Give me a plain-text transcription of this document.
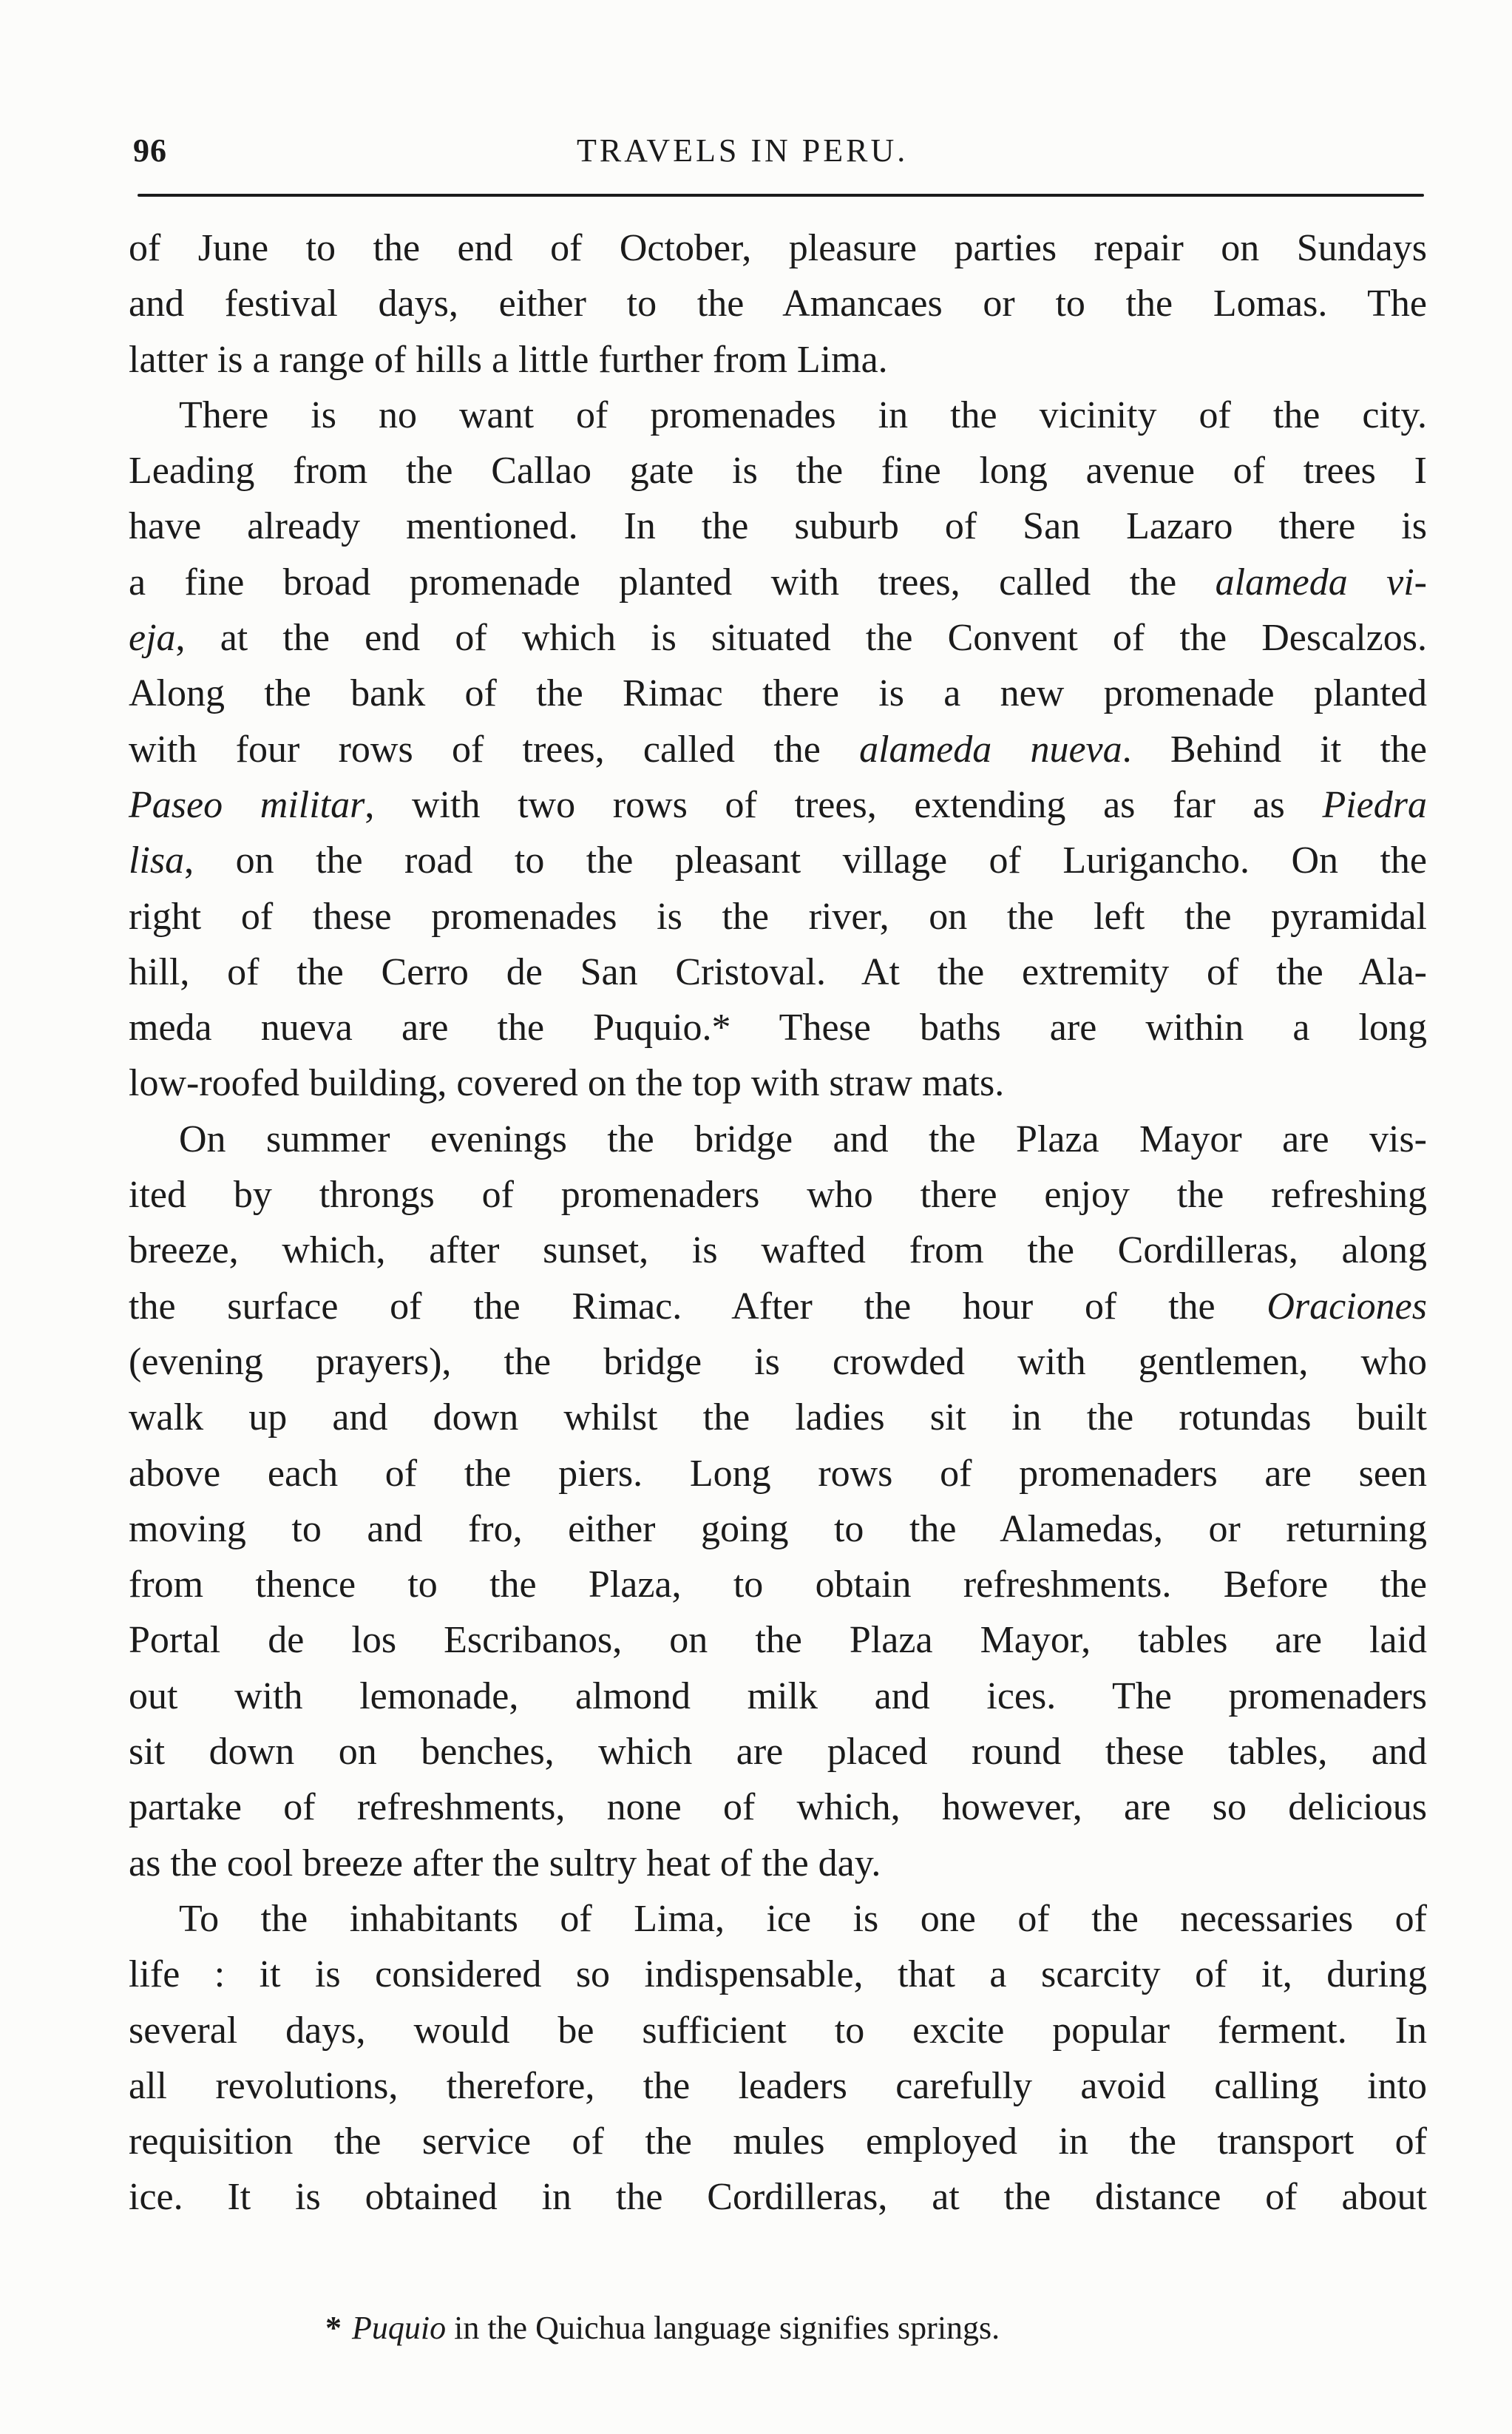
96	TRAVELS IN PERU.
of June to the end of October, pleasure parties repair on Sundays
and festival days, either to the Amancaes or to the Lomas. The
latter is a range of hills a little further from Lima.
There is no want of promenades in the vicinity of the city.
Leading from the Callao gate is the fine long avenue of trees I
have already mentioned. In the suburb of San Lazaro there is
a fine broad promenade planted with trees, called the alameda vi-
eja, at the end of which is situated the Convent of the Descalzos.
Along the bank of the Rimac there is a new promenade planted
with four rows of trees, called the alameda nueva. Behind it the
Paseo militar, with two rows of trees, extending as far as Piedra
lisa, on the road to the pleasant village of Lurigancho. On the
right of these promenades is the river, on the left the pyramidal
hill, of the Cerro de San Cristoval. At the extremity of the Ala-
meda nueva are the Puquio.* These baths are within a long
low-roofed building, covered on the top with straw mats.
On summer evenings the bridge and the Plaza Mayor are vis-
ited by throngs of promenaders who there enjoy the refreshing
breeze, which, after sunset, is wafted from the Cordilleras, along
the surface of the Rimac. After the hour of the Oraciones
(evening prayers), the bridge is crowded with gentlemen, who
walk up and down whilst the ladies sit in the rotundas built
above each of the piers. Long rows of promenaders are seen
moving to and fro, either going to the Alamedas, or returning
from thence to the Plaza, to obtain refreshments. Before the
Portal de los Escribanos, on the Plaza Mayor, tables are laid
out with lemonade, almond milk and ices. The promenaders
sit down on benches, which are placed round these tables, and
partake of refreshments, none of which, however, are so delicious
as the cool breeze after the sultry heat of the day.
To the inhabitants of Lima, ice is one of the necessaries of
life : it is considered so indispensable, that a scarcity of it, during
several days, would be sufficient to excite popular ferment. In
all revolutions, therefore, the leaders carefully avoid calling into
requisition the service of the mules employed in the transport of
ice. It is obtained in the Cordilleras, at the distance of about
* Puquio in the Quichua language signifies springs.
